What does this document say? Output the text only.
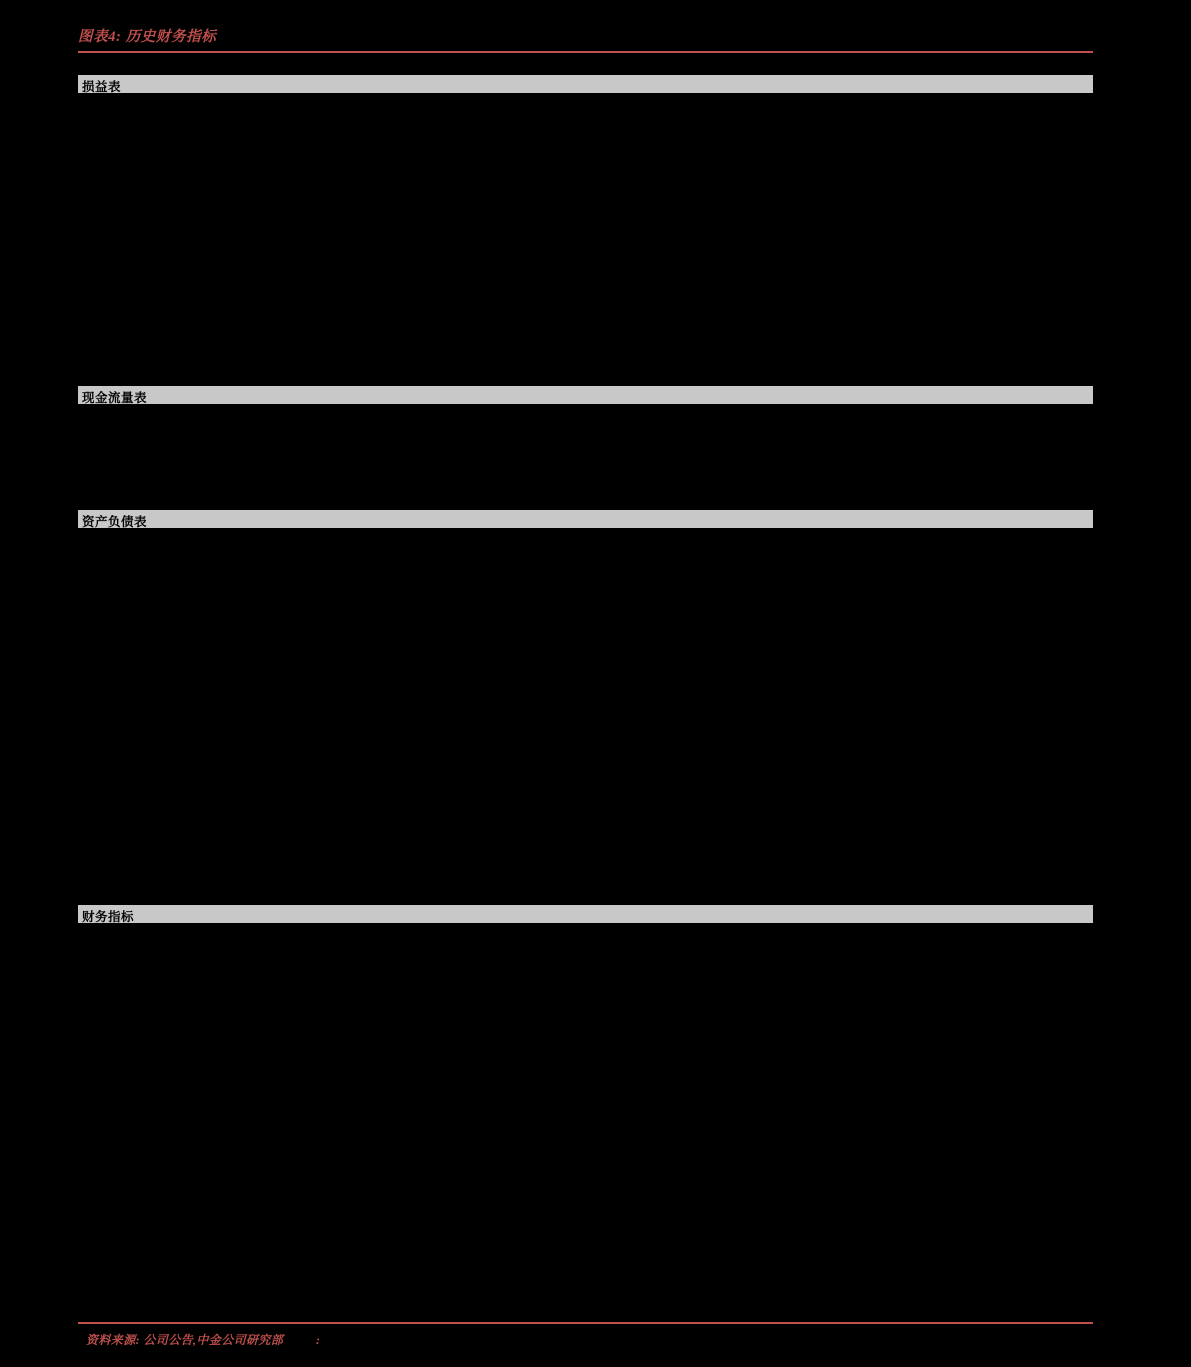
图表4: 历史财务指标
损益表
现金流量表
资产负债表
财务指标
资料来源: 公司公告,中金公司研究部	:
